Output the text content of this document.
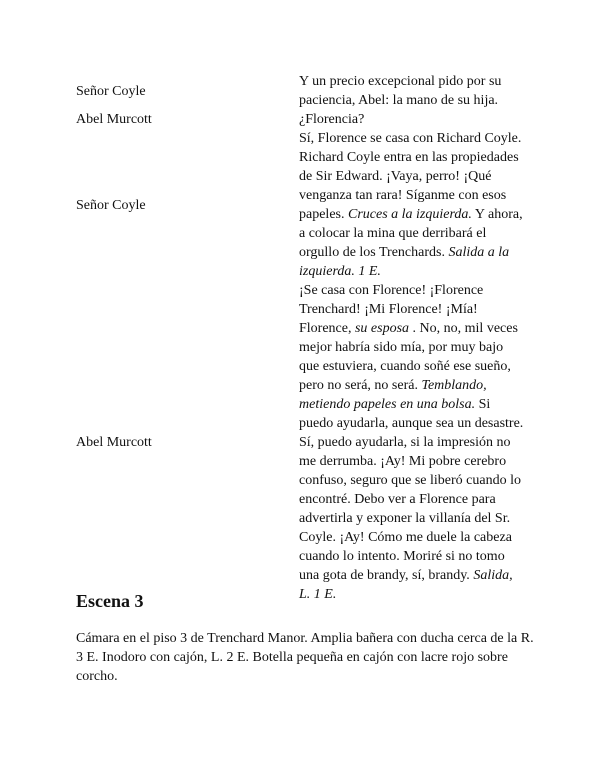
Señor Coyle
Y un precio excepcional pido por su paciencia, Abel: la mano de su hija.
Abel Murcott	¿Florencia?
Señor Coyle
Sí, Florence se casa con Richard Coyle. Richard Coyle entra en las propiedades de Sir Edward. ¡Vaya, perro! ¡Qué venganza tan rara! Síganme con esos papeles. Cruces a la izquierda. Y ahora, a colocar la mina que derribará el orgullo de los Trenchards. Salida a la izquierda. 1 E.
Abel Murcott
¡Se casa con Florence! ¡Florence Trenchard! ¡Mi Florence! ¡Mía! Florence, su esposa . No, no, mil veces mejor habría sido mía, por muy bajo que estuviera, cuando soñé ese sueño, pero no será, no será. Temblando, metiendo papeles en una bolsa. Si puedo ayudarla, aunque sea un desastre. Sí, puedo ayudarla, si la impresión no me derrumba. ¡Ay! Mi pobre cerebro confuso, seguro que se liberó cuando lo encontré. Debo ver a Florence para advertirla y exponer la villanía del Sr. Coyle. ¡Ay! Cómo me duele la cabeza cuando lo intento. Moriré si no tomo una gota de brandy, sí, brandy. Salida, L. 1 E.
Escena 3

Cámara en el piso 3 de Trenchard Manor. Amplia bañera con ducha cerca de la R. 3 E. Inodoro con cajón, L. 2 E. Botella pequeña en cajón con lacre rojo sobre corcho.
